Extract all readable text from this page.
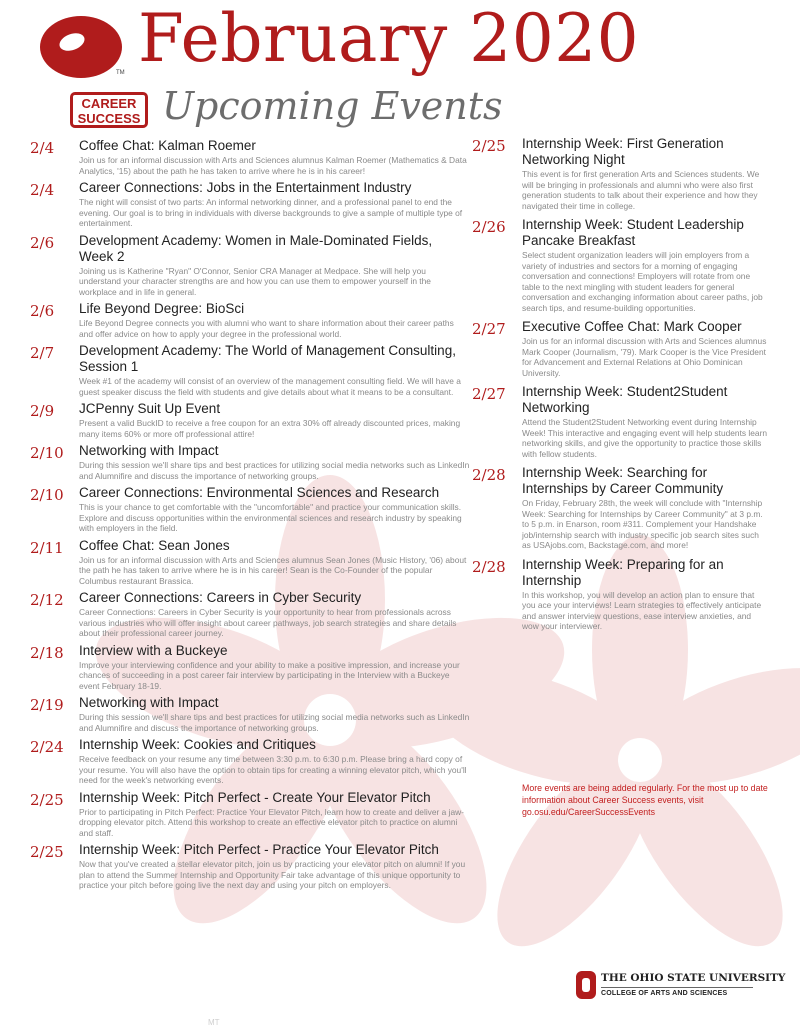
TM February 2020
CAREER
SUCCESS Upcoming Events
2/4 Coffee Chat: Kalman Roemer
Join us for an informal discussion with Arts and Sciences alumnus Kalman Roemer (Mathematics & Data Analytics, '15) about the path he has taken to arrive where he is in his career!
2/4 Career Connections: Jobs in the Entertainment Industry
The night will consist of two parts: An informal networking dinner, and a professional panel to end the evening. Our goal is to bring in individuals with diverse backgrounds to give a sample of multiple type of entertainment.
2/6 Development Academy: Women in Male-Dominated Fields, Week 2
Joining us is Katherine "Ryan" O'Connor, Senior CRA Manager at Medpace. She will help you understand your character strengths are and how you can use them to empower yourself in the workplace and in life in general.
2/6 Life Beyond Degree: BioSci
Life Beyond Degree connects you with alumni who want to share information about their career paths and offer advice on how to apply your degree in the professional world.
2/7 Development Academy: The World of Management Consulting, Session 1
Week #1 of the academy will consist of an overview of the management consulting field. We will have a guest speaker discuss the field with students and give details about what it means to be a consultant.
2/9 JCPenny Suit Up Event
Present a valid BuckID to receive a free coupon for an extra 30% off already discounted prices, making many items 60% or more off professional attire!
2/10 Networking with Impact
During this session we'll share tips and best practices for utilizing social media networks such as LinkedIn and Alumnifire and discuss the importance of networking groups.
2/10 Career Connections: Environmental Sciences and Research
This is your chance to get comfortable with the "uncomfortable" and practice your communication skills. Explore and discuss opportunities within the environmental sciences and research industry by speaking with employers in the field.
2/11 Coffee Chat: Sean Jones
Join us for an informal discussion with Arts and Sciences alumnus Sean Jones (Music History, '06) about the path he has taken to arrive where he is in his career! Sean is the Co-Founder of the popular Columbus restaurant Brassica.
2/12 Career Connections: Careers in Cyber Security
Career Connections: Careers in Cyber Security is your opportunity to hear from professionals across various industries who will offer insight about career pathways, job search strategies and share details about their professional career journey.
2/18 Interview with a Buckeye
Improve your interviewing confidence and your ability to make a positive impression, and increase your chances of succeeding in a post career fair interview by participating in the Interview with a Buckeye event February 18-19.
2/19 Networking with Impact
During this session we'll share tips and best practices for utilizing social media networks such as LinkedIn and Alumnifire and discuss the importance of networking groups.
2/24 Internship Week: Cookies and Critiques
Receive feedback on your resume any time between 3:30 p.m. to 6:30 p.m. Please bring a hard copy of your resume. You will also have the option to obtain tips for creating a winning elevator pitch, which you'll need for the week's networking events.
2/25 Internship Week: Pitch Perfect - Create Your Elevator Pitch
Prior to participating in Pitch Perfect: Practice Your Elevator Pitch, learn how to create and deliver a jaw-dropping elevator pitch. Attend this workshop to create an effective elevator pitch to practice on alumni and staff.
2/25 Internship Week: Pitch Perfect - Practice Your Elevator Pitch
Now that you've created a stellar elevator pitch, join us by practicing your elevator pitch on alumni! If you plan to attend the Summer Internship and Opportunity Fair take advantage of this unique opportunity to practice your pitch before going live the next day and using your pitch on employers.
2/25 Internship Week: First Generation Networking Night
This event is for first generation Arts and Sciences students. We will be bringing in professionals and alumni who were also first generation students to talk about their experience and how they navigated their time in college.
2/26 Internship Week: Student Leadership Pancake Breakfast
Select student organization leaders will join employers from a variety of industries and sectors for a morning of engaging conversation and connections! Employers will rotate from one table to the next mingling with student leaders for general conversation and exchanging information about career paths, job search tips, and resume-building opportunities.
2/27 Executive Coffee Chat: Mark Cooper
Join us for an informal discussion with Arts and Sciences alumnus Mark Cooper (Journalism, '79). Mark Cooper is the Vice President for Advancement and External Relations at Ohio Dominican University.
2/27 Internship Week: Student2Student Networking
Attend the Student2Student Networking event during Internship Week! This interactive and engaging event will help students learn networking skills, and give the opportunity to practice those skills with fellow students.
2/28 Internship Week: Searching for Internships by Career Community
On Friday, February 28th, the week will conclude with "Internship Week: Searching for Internships by Career Community" at 3 p.m. to 5 p.m. in Enarson, room #311. Complement your Handshake job/internship search with industry specific job search sites such as USAjobs.com, Backstage.com, and more!
2/28 Internship Week: Preparing for an Internship
In this workshop, you will develop an action plan to ensure that you ace your interviews! Learn strategies to effectively anticipate and answer interview questions, ease interview anxieties, and wow your interviewer.
More events are being added regularly. For the most up to date information about Career Success events, visit go.osu.edu/CareerSuccessEvents
THE OHIO STATE UNIVERSITY
COLLEGE OF ARTS AND SCIENCES
MT
